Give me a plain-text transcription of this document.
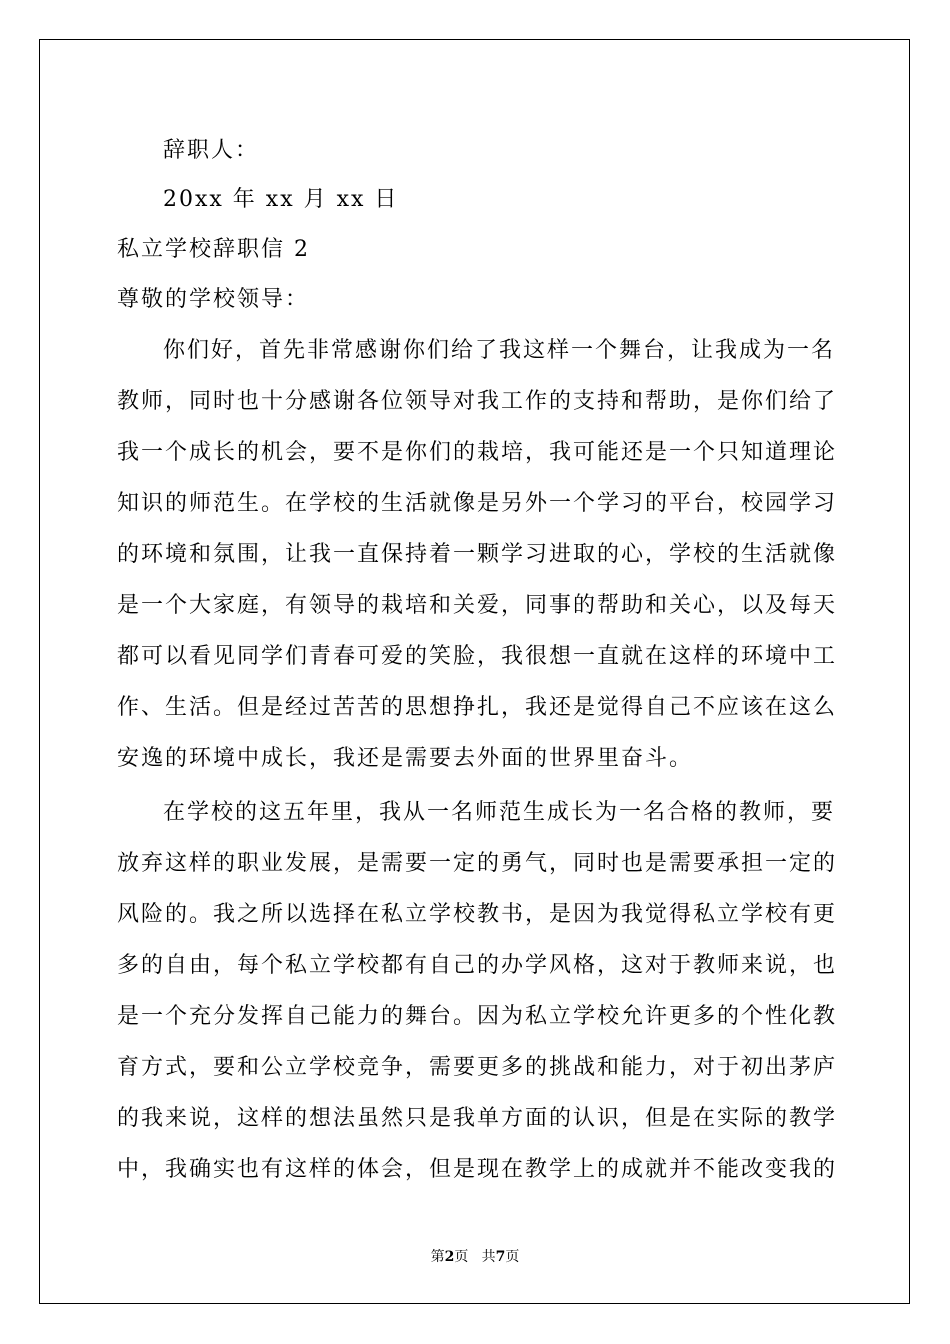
辞职人：
20xx 年 xx 月 xx 日
私立学校辞职信 2
尊敬的学校领导：
你们好，首先非常感谢你们给了我这样一个舞台，让我成为一名
教师，同时也十分感谢各位领导对我工作的支持和帮助，是你们给了
我一个成长的机会，要不是你们的栽培，我可能还是一个只知道理论
知识的师范生。在学校的生活就像是另外一个学习的平台，校园学习
的环境和氛围，让我一直保持着一颗学习进取的心，学校的生活就像
是一个大家庭，有领导的栽培和关爱，同事的帮助和关心，以及每天
都可以看见同学们青春可爱的笑脸，我很想一直就在这样的环境中工
作、生活。但是经过苦苦的思想挣扎，我还是觉得自己不应该在这么
安逸的环境中成长，我还是需要去外面的世界里奋斗。
在学校的这五年里，我从一名师范生成长为一名合格的教师，要
放弃这样的职业发展，是需要一定的勇气，同时也是需要承担一定的
风险的。我之所以选择在私立学校教书，是因为我觉得私立学校有更
多的自由，每个私立学校都有自己的办学风格，这对于教师来说，也
是一个充分发挥自己能力的舞台。因为私立学校允许更多的个性化教
育方式，要和公立学校竞争，需要更多的挑战和能力，对于初出茅庐
的我来说，这样的想法虽然只是我单方面的认识，但是在实际的教学
中，我确实也有这样的体会，但是现在教学上的成就并不能改变我的
第2页 共7页
